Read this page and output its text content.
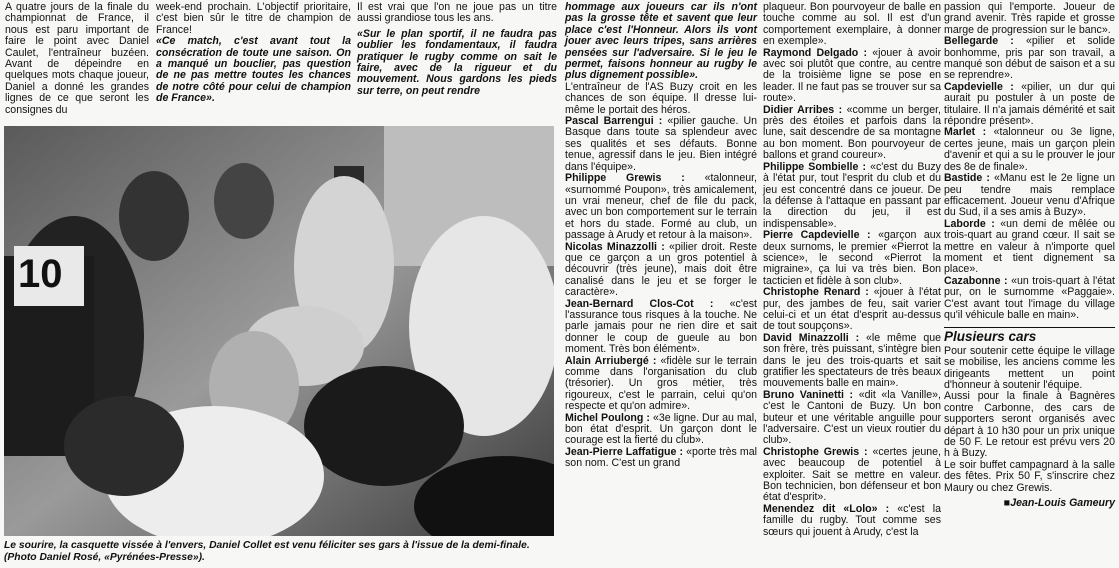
A quatre jours de la finale du championnat de France, il nous est paru important de faire le point avec Daniel Caulet, l'entraîneur buzéen. Avant de dépeindre en quelques mots chaque joueur, Daniel a donné les grandes lignes de ce que seront les consignes du

week-end prochain. L'objectif prioritaire, c'est bien sûr le titre de champion de France!

«Ce match, c'est avant tout la consécration de toute une saison. On a manqué un bouclier, pas question de ne pas mettre toutes les chances de notre côté pour celui de champion de France».

Il est vrai que l'on ne joue pas un titre aussi grandiose tous les ans.

«Sur le plan sportif, il ne faudra pas oublier les fondamentaux, il faudra pratiquer le rugby comme on sait le faire, avec de la rigueur et du mouvement. Nous gardons les pieds sur terre, on peut rendre

10
Le sourire, la casquette vissée à l'envers, Daniel Collet est venu féliciter ses gars à l'issue de la demi-finale. (Photo Daniel Rosé, «Pyrénées-Presse»).

hommage aux joueurs car ils n'ont pas la grosse tête et savent que leur place c'est l'Honneur. Alors ils vont jouer avec leurs tripes, sans arrières pensées sur l'adversaire. Si le jeu le permet, faisons honneur au rugby le plus dignement possible».

L'entraîneur de l'AS Buzy croit en les chances de son équipe. Il dresse lui-même le portait des héros.

Pascal Barrengui : «pilier gauche. Un Basque dans toute sa splendeur avec ses qualités et ses défauts. Bonne tenue, agressif dans le jeu. Bien intégré dans l'équipe».

Philippe Grewis : «talonneur, «surnommé Poupon», très amicalement, un vrai meneur, chef de file du pack, avec un bon comportement sur le terrain et hors du stade. Formé au club, un passage à Arudy et retour à la maison».

Nicolas Minazzolli : «pilier droit. Reste que ce garçon a un gros potentiel à découvrir (très jeune), mais doit être canalisé dans le jeu et se forger le caractère».

Jean-Bernard Clos-Cot : «c'est l'assurance tous risques à la touche. Ne parle jamais pour ne rien dire et sait donner le coup de gueule au bon moment. Très bon élément».

Alain Arriubergé : «fidèle sur le terrain comme dans l'organisation du club (trésorier). Un gros métier, très rigoureux, c'est le parrain, celui qu'on respecte et qu'on admire».

Michel Poulong : «3e ligne. Dur au mal, bon état d'esprit. Un garçon dont le courage est la fierté du club».

Jean-Pierre Laffatigue : «porte très mal son nom. C'est un grand

plaqueur. Bon pourvoyeur de balle en touche comme au sol. Il est d'un comportement exemplaire, à donner en exemple».

Raymond Delgado : «jouer à avoir avec soi plutôt que contre, au centre de la troisième ligne se pose en leader. Il ne faut pas se trouver sur sa route».

Didier Arribes : «comme un berger, près des étoiles et parfois dans la lune, sait descendre de sa montagne au bon moment. Bon pourvoyeur de ballons et grand coureur».

Philippe Sombielle : «c'est du Buzy à l'état pur, tout l'esprit du club et du jeu est concentré dans ce joueur. De la défense à l'attaque en passant par la direction du jeu, il est indispensable».

Pierre Capdevielle : «garçon aux deux surnoms, le premier «Pierrot la science», le second «Pierrot la migraine», ça lui va très bien. Bon tacticien et fidèle à son club».

Christophe Renard : «jouer à l'état pur, des jambes de feu, sait varier celui-ci et un état d'esprit au-dessus de tout soupçons».

David Minazzolli : «le même que son frère, très puissant, s'intègre bien dans le jeu des trois-quarts et sait gratifier les spectateurs de très beaux mouvements balle en main».

Bruno Vaninetti : «dit «la Vanille», c'est le Cantoni de Buzy. Un bon buteur et une véritable anguille pour l'adversaire. C'est un vieux routier du club».

Christophe Grewis : «certes jeune, avec beaucoup de potentiel à exploiter. Sait se mettre en valeur. Bon technicien, bon défenseur et bon état d'esprit».

Menendez dit «Lolo» : «c'est la famille du rugby. Tout comme ses sœurs qui jouent à Arudy, c'est la

passion qui l'emporte. Joueur de grand avenir. Très rapide et grosse marge de progression sur le banc».

Bellegarde : «pilier et solide bonhomme, pris par son travail, a manqué son début de saison et a su se reprendre».

Capdevielle : «pilier, un dur qui aurait pu postuler à un poste de titulaire. Il n'a jamais démérité et sait répondre présent».

Marlet : «talonneur ou 3e ligne, certes jeune, mais un garçon plein d'avenir et qui a su le prouver le jour des 8e de finale».

Bastide : «Manu est le 2e ligne un peu tendre mais remplace efficacement. Joueur venu d'Afrique du Sud, il a ses amis à Buzy».

Laborde : «un demi de mêlée ou trois-quart au grand cœur. Il sait se mettre en valeur à n'importe quel moment et tient dignement sa place».

Cazabonne : «un trois-quart à l'état pur, on le surnomme «Paggaie». C'est avant tout l'image du village qu'il véhicule balle en main».

Plusieurs cars

Pour soutenir cette équipe le village se mobilise, les anciens comme les dirigeants mettent un point d'honneur à soutenir l'équipe.

Aussi pour la finale à Bagnères contre Carbonne, des cars de supporters seront organisés avec départ à 10 h30 pour un prix unique de 50 F. Le retour est prévu vers 20 h à Buzy.

Le soir buffet campagnard à la salle des fêtes. Prix 50 F, s'inscrire chez Maury ou chez Grewis.

■ Jean-Louis Gameury
